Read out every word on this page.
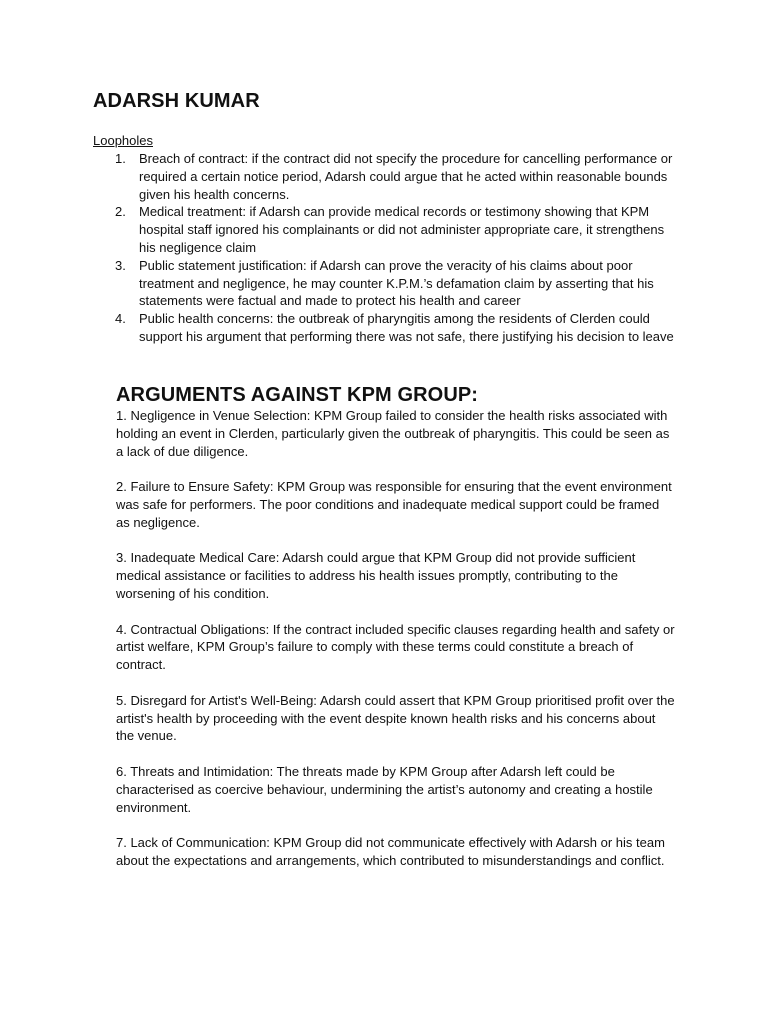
ADARSH KUMAR

Loopholes

1.	Breach of contract: if the contract did not specify the procedure for cancelling performance or required a certain notice period, Adarsh could argue that he acted within reasonable bounds given his health concerns.
2.	Medical treatment: if Adarsh can provide medical records or testimony showing that KPM hospital staff ignored his complainants or did not administer appropriate care, it strengthens his negligence claim
3.	Public statement justification: if Adarsh can prove the veracity of his claims about poor treatment and negligence, he may counter K.P.M.’s defamation claim by asserting that his statements were factual and made to protect his health and career
4.	Public health concerns: the outbreak of pharyngitis among the residents of Clerden could support his argument that performing there was not safe, there justifying his decision to leave
ARGUMENTS AGAINST KPM GROUP:

1. Negligence in Venue Selection: KPM Group failed to consider the health risks associated with holding an event in Clerden, particularly given the outbreak of pharyngitis. This could be seen as a lack of due diligence.

2. Failure to Ensure Safety: KPM Group was responsible for ensuring that the event environment was safe for performers. The poor conditions and inadequate medical support could be framed as negligence.

3. Inadequate Medical Care: Adarsh could argue that KPM Group did not provide sufficient medical assistance or facilities to address his health issues promptly, contributing to the worsening of his condition.

4. Contractual Obligations: If the contract included specific clauses regarding health and safety or artist welfare, KPM Group’s failure to comply with these terms could constitute a breach of contract.

5. Disregard for Artist's Well-Being: Adarsh could assert that KPM Group prioritised profit over the artist's health by proceeding with the event despite known health risks and his concerns about the venue.

6. Threats and Intimidation: The threats made by KPM Group after Adarsh left could be characterised as coercive behaviour, undermining the artist’s autonomy and creating a hostile environment.

7. Lack of Communication: KPM Group did not communicate effectively with Adarsh or his team about the expectations and arrangements, which contributed to misunderstandings and conflict.
